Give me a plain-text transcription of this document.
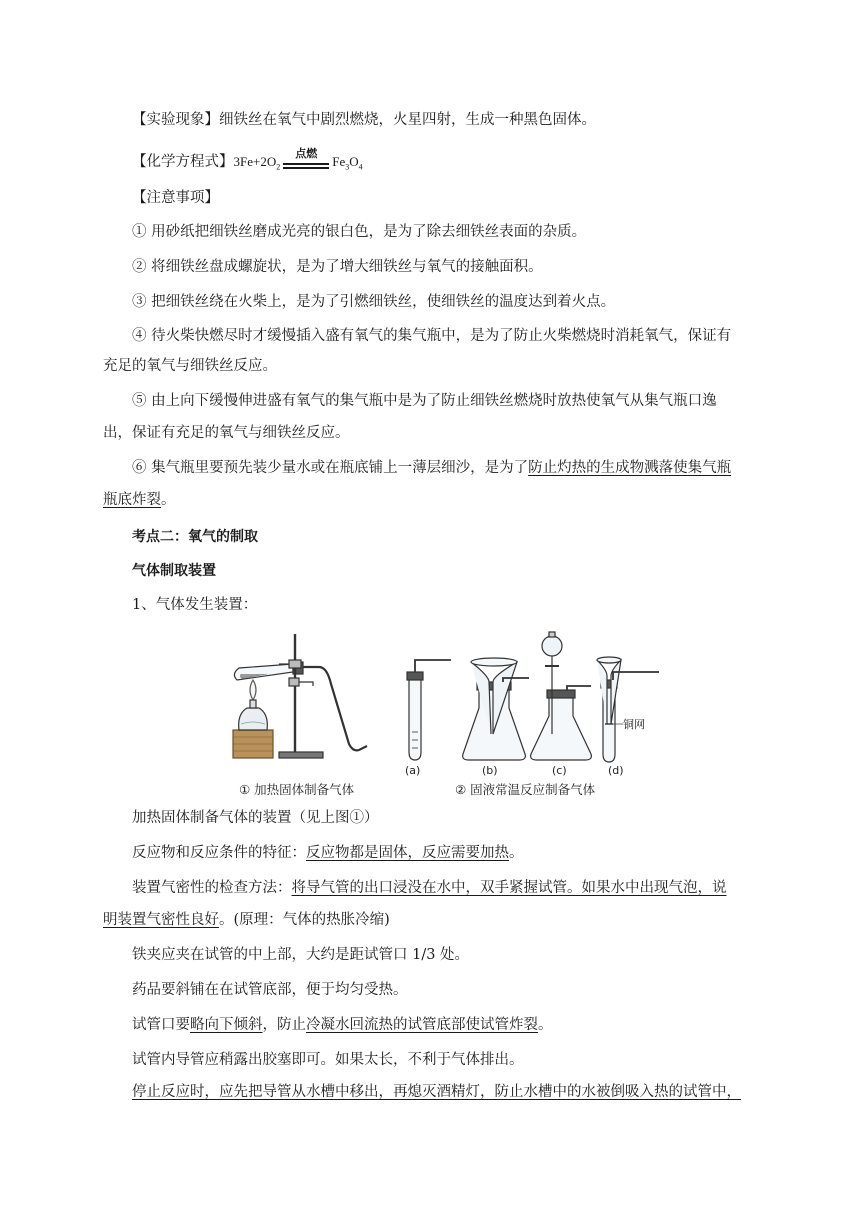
【实验现象】细铁丝在氧气中剧烈燃烧，火星四射，生成一种黑色固体。
【化学方程式】$3Fe+2O_2$
点燃
$Fe_3O_4$
【注意事项】
① 用砂纸把细铁丝磨成光亮的银白色，是为了除去细铁丝表面的杂质。
② 将细铁丝盘成螺旋状，是为了增大细铁丝与氧气的接触面积。
③ 把细铁丝绕在火柴上，是为了引燃细铁丝，使细铁丝的温度达到着火点。
④ 待火柴快燃尽时才缓慢插入盛有氧气的集气瓶中，是为了防止火柴燃烧时消耗氧气，保证有
充足的氧气与细铁丝反应。
⑤ 由上向下缓慢伸进盛有氧气的集气瓶中是为了防止细铁丝燃烧时放热使氧气从集气瓶口逸
出，保证有充足的氧气与细铁丝反应。
⑥ 集气瓶里要预先装少量水或在瓶底铺上一薄层细沙，是为了防止灼热的生成物溅落使集气瓶
瓶底炸裂。
考点二：氧气的制取
气体制取装置
1、气体发生装置：
铜网
(a)	(b)	(c)	(d)
① 加热固体制备气体	② 固液常温反应制备气体
加热固体制备气体的装置（见上图①）
反应物和反应条件的特征：反应物都是固体，反应需要加热。
装置气密性的检查方法：将导气管的出口浸没在水中，双手紧握试管。如果水中出现气泡，说
明装置气密性良好。(原理：气体的热胀冷缩)
铁夹应夹在试管的中上部，大约是距试管口 1/3 处。
药品要斜铺在在试管底部，便于均匀受热。
试管口要略向下倾斜，防止冷凝水回流热的试管底部使试管炸裂。
试管内导管应稍露出胶塞即可。如果太长，不利于气体排出。
停止反应时，应先把导管从水槽中移出，再熄灭酒精灯，防止水槽中的水被倒吸入热的试管中，
